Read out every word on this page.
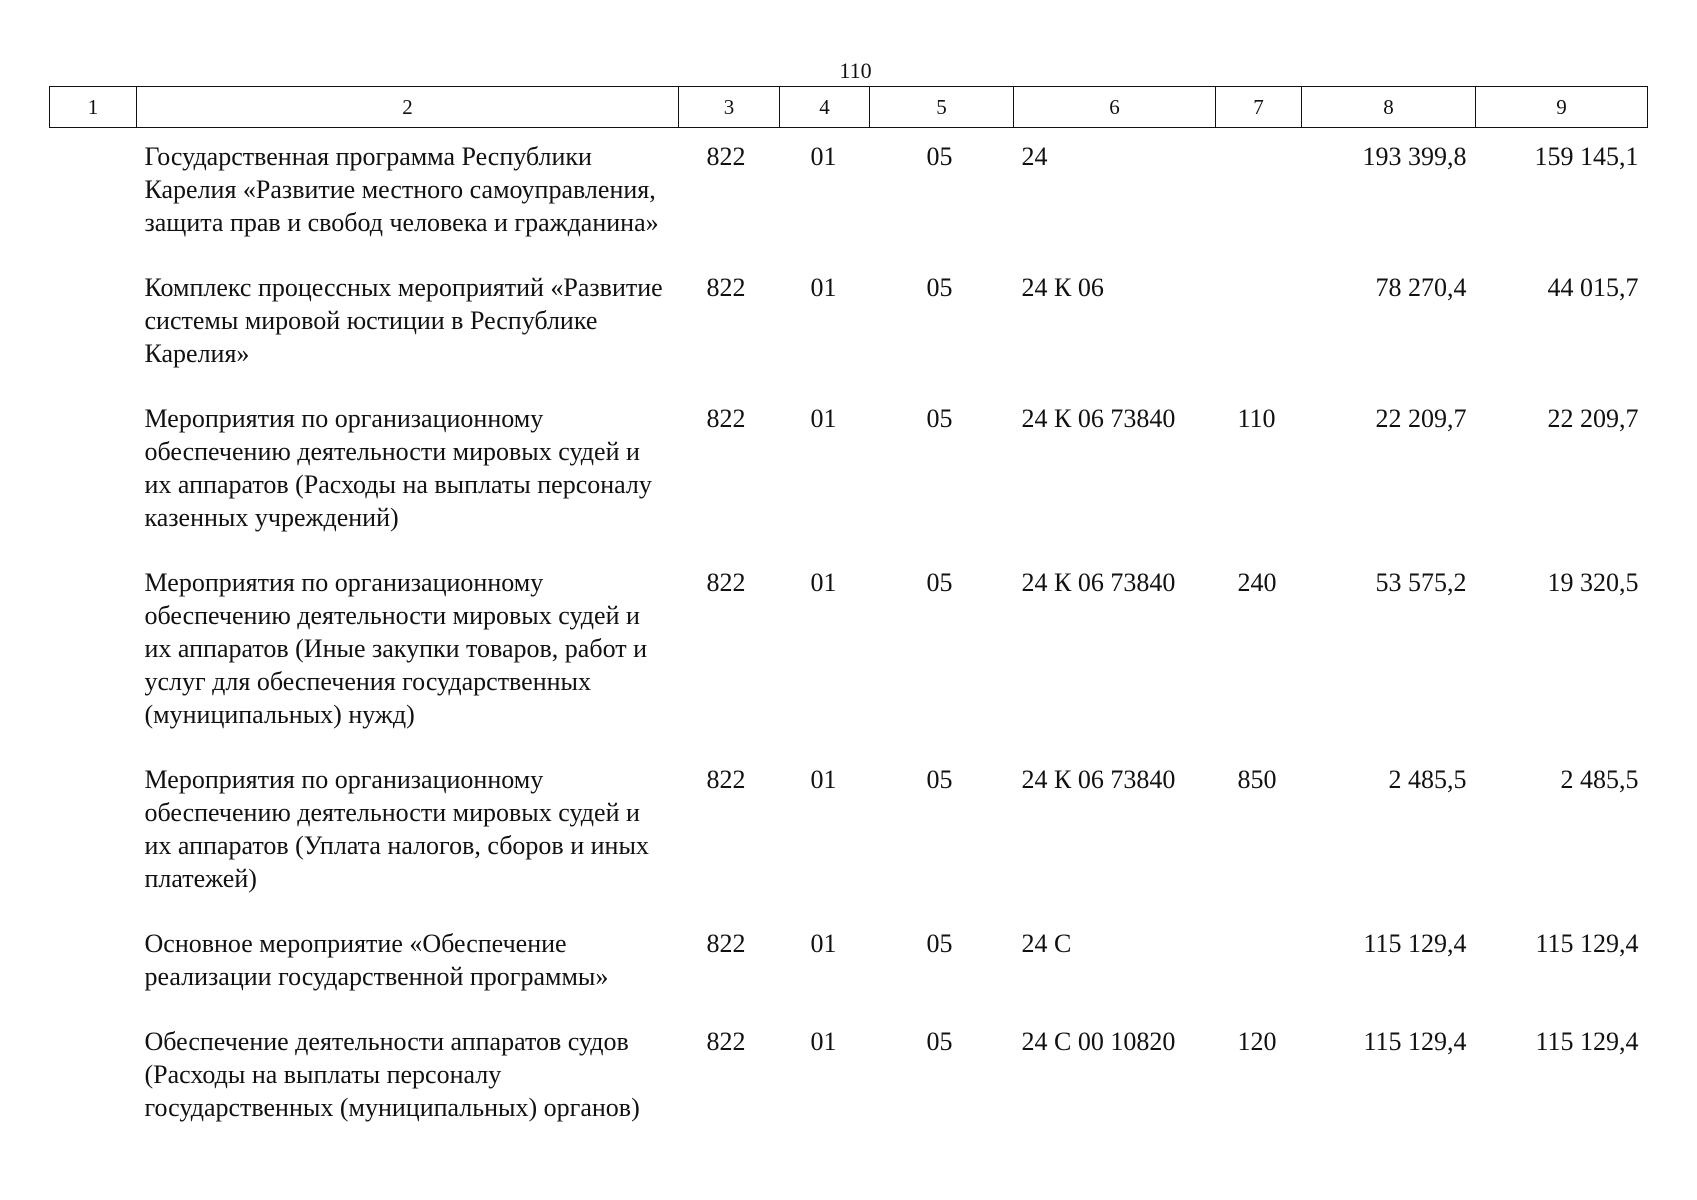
110
1	2	3	4	5	6	7	8	9
	Государственная программа Республики Карелия «Развитие местного самоуправления, защита прав и свобод человека и гражданина»	822	01	05	24		193 399,8	159 145,1
	Комплекс процессных мероприятий «Развитие системы мировой юстиции в Республике Карелия»	822	01	05	24 К 06		78 270,4	44 015,7
	Мероприятия по организационному обеспечению деятельности мировых судей и их аппаратов (Расходы на выплаты персоналу казенных учреждений)	822	01	05	24 К 06 73840	110	22 209,7	22 209,7
	Мероприятия по организационному обеспечению деятельности мировых судей и их аппаратов (Иные закупки товаров, работ и услуг для обеспечения государственных (муниципальных) нужд)	822	01	05	24 К 06 73840	240	53 575,2	19 320,5
	Мероприятия по организационному обеспечению деятельности мировых судей и их аппаратов (Уплата налогов, сборов и иных платежей)	822	01	05	24 К 06 73840	850	2 485,5	2 485,5
	Основное мероприятие «Обеспечение реализации государственной программы»	822	01	05	24 С		115 129,4	115 129,4
	Обеспечение деятельности аппаратов судов (Расходы на выплаты персоналу государственных (муниципальных) органов)	822	01	05	24 С 00 10820	120	115 129,4	115 129,4
